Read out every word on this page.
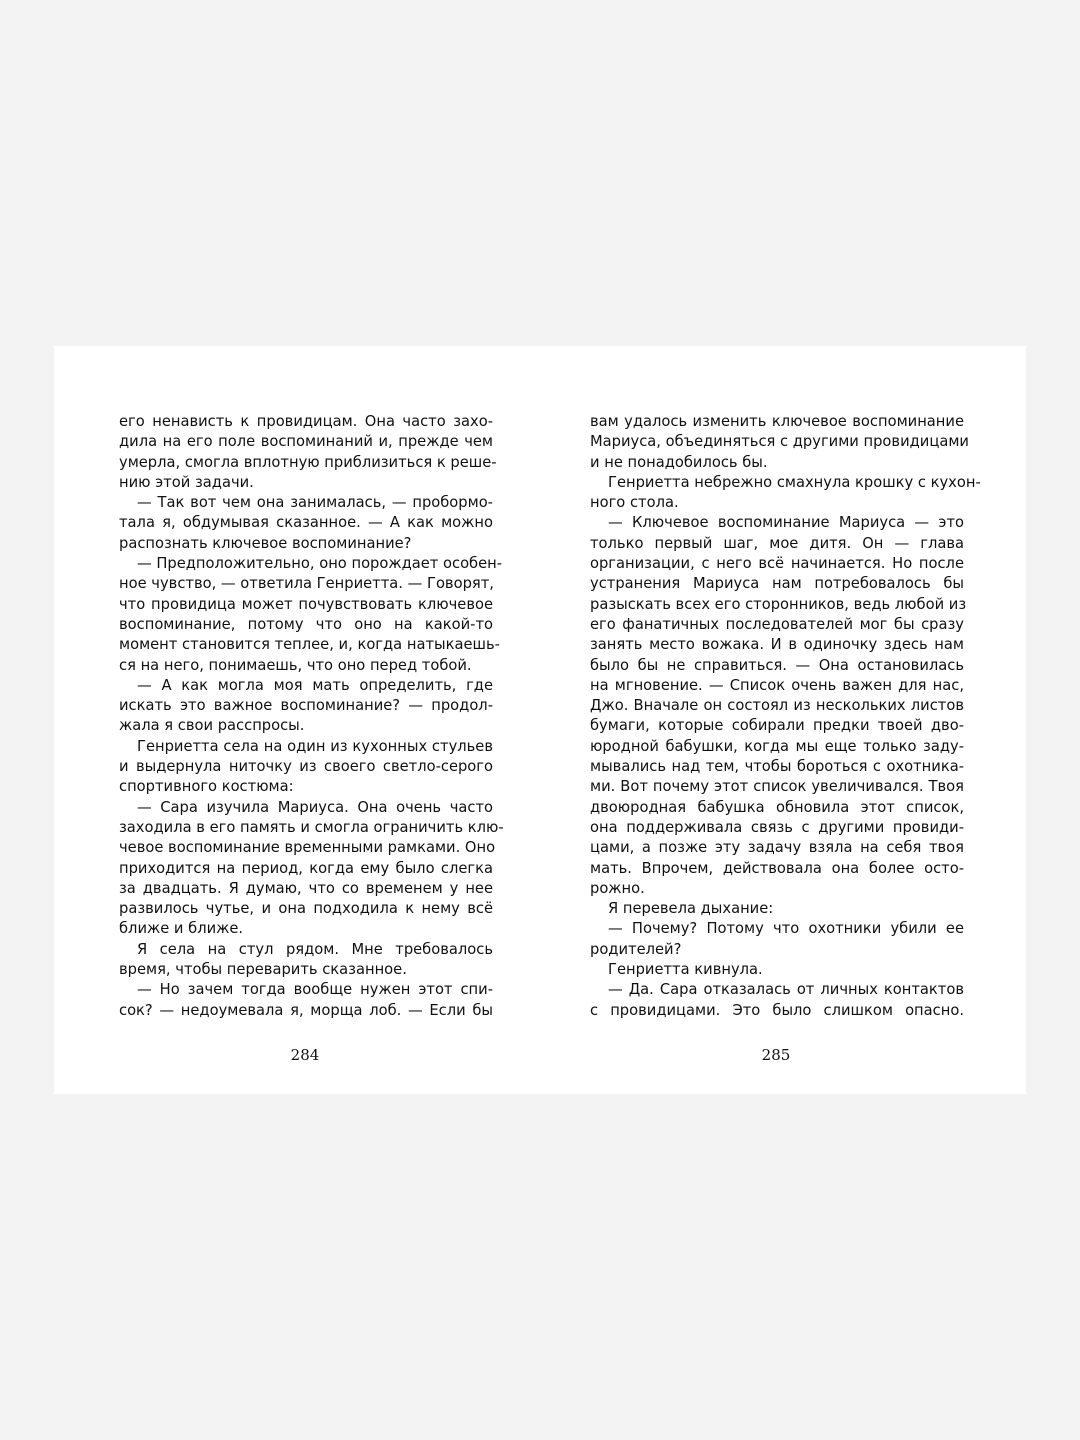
его ненависть к провидицам. Она часто захо-
дила на его поле воспоминаний и, прежде чем
умерла, смогла вплотную приблизиться к реше-
нию этой задачи.
— Так вот чем она занималась, — пробормо-
тала я, обдумывая сказанное. — А как можно
распознать ключевое воспоминание?
— Предположительно, оно порождает особен-
ное чувство, — ответила Генриетта. — Говорят,
что провидица может почувствовать ключевое
воспоминание, потому что оно на какой-то
момент становится теплее, и, когда натыкаешь-
ся на него, понимаешь, что оно перед тобой.
— А как могла моя мать определить, где
искать это важное воспоминание? — продол-
жала я свои расспросы.
Генриетта села на один из кухонных стульев
и выдернула ниточку из своего светло-серого
спортивного костюма:
— Сара изучила Мариуса. Она очень часто
заходила в его память и смогла ограничить клю-
чевое воспоминание временными рамками. Оно
приходится на период, когда ему было слегка
за двадцать. Я думаю, что со временем у нее
развилось чутье, и она подходила к нему всё
ближе и ближе.
Я села на стул рядом. Мне требовалось
время, чтобы переварить сказанное.
— Но зачем тогда вообще нужен этот спи-
сок? — недоумевала я, морща лоб. — Если бы
вам удалось изменить ключевое воспоминание
Мариуса, объединяться с другими провидицами
и не понадобилось бы.
Генриетта небрежно смахнула крошку с кухон-
ного стола.
— Ключевое воспоминание Мариуса — это
только первый шаг, мое дитя. Он — глава
организации, с него всё начинается. Но после
устранения Мариуса нам потребовалось бы
разыскать всех его сторонников, ведь любой из
его фанатичных последователей мог бы сразу
занять место вожака. И в одиночку здесь нам
было бы не справиться. — Она остановилась
на мгновение. — Список очень важен для нас,
Джо. Вначале он состоял из нескольких листов
бумаги, которые собирали предки твоей дво-
юродной бабушки, когда мы еще только заду-
мывались над тем, чтобы бороться с охотника-
ми. Вот почему этот список увеличивался. Твоя
двоюродная бабушка обновила этот список,
она поддерживала связь с другими провиди-
цами, а позже эту задачу взяла на себя твоя
мать. Впрочем, действовала она более осто-
рожно.
Я перевела дыхание:
— Почему? Потому что охотники убили ее
родителей?
Генриетта кивнула.
— Да. Сара отказалась от личных контактов
с провидицами. Это было слишком опасно.
284	285
